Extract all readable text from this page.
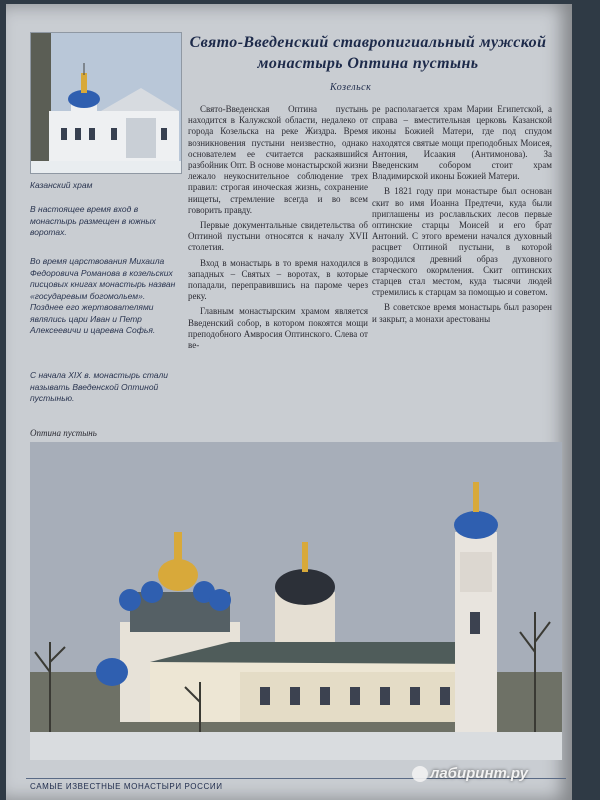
Казанский храм
В настоящее время вход в монастырь размещен в южных воротах.
Во время царствования Михаила Федоровича Романова в козельских писцовых книгах монастырь назван «государевым богомольем». Позднее его жертвователями являлись цари Иван и Петр Алексеевичи и царевна Софья.
С начала XIX в. монастырь стали называть Введенской Оптиной пустынью.
Свято-Введенский ставропигиальный мужской монастырь Оптина пустынь
Козельск

Свято-Введенская Оптина пустынь находится в Калужской области, недалеко от города Козельска на реке Жиздра. Время возникновения пустыни неизвестно, однако основателем ее считается раскаявшийся разбойник Опт. В основе монастырской жизни лежало неукоснительное соблюдение трех правил: строгая иноческая жизнь, сохранение нищеты, стремление всегда и во всем говорить правду.

Первые документальные свидетельства об Оптиной пустыни относятся к началу XVII столетия.

Вход в монастырь в то время находился в западных – Святых – воротах, в которые попадали, переправившись на пароме через реку.

Главным монастырским храмом является Введенский собор, в котором покоятся мощи преподобного Амвросия Оптинского. Слева от ве-

ре располагается храм Марии Египетской, а справа – вместительная церковь Казанской иконы Божией Матери, где под спудом находятся святые мощи преподобных Моисея, Антония, Исаакия (Антимонова). За Введенским собором стоит храм Владимирской иконы Божией Матери.

В 1821 году при монастыре был основан скит во имя Иоанна Предтечи, куда были приглашены из рославльских лесов первые оптинские старцы Моисей и его брат Антоний. С этого времени начался духовный расцвет Оптиной пустыни, в которой возродился древний образ духовного старческого окормления. Скит оптинских старцев стал местом, куда тысячи людей стремились к старцам за помощью и советом.

В советское время монастырь был разорен и закрыт, а монахи арестованы

Оптина пустынь
САМЫЕ ИЗВЕСТНЫЕ МОНАСТЫРИ РОССИИ
лабиринт.ру
